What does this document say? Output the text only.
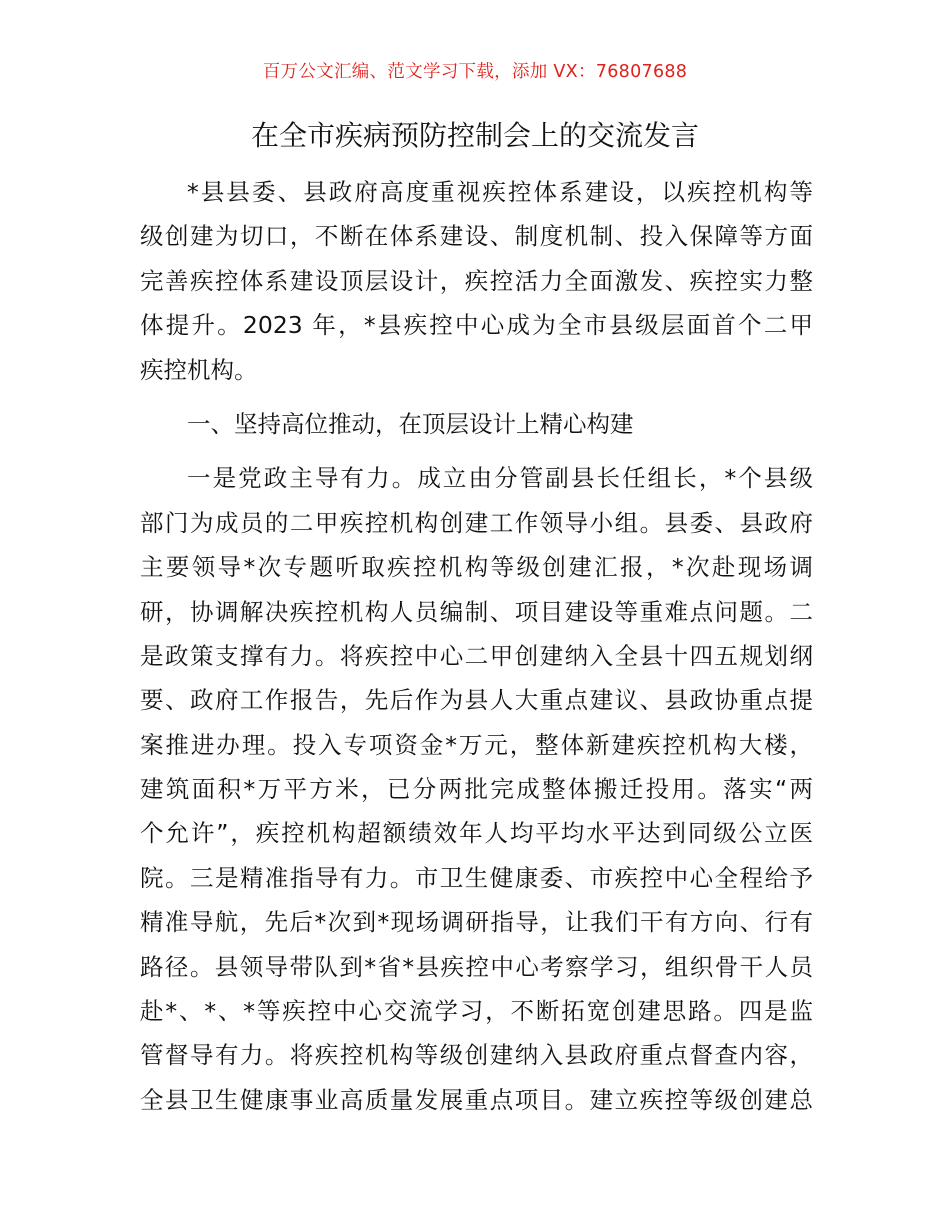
百万公文汇编、范文学习下载，添加 VX：76807688
在全市疾病预防控制会上的交流发言

*县县委、县政府高度重视疾控体系建设，以疾控机构等
级创建为切口，不断在体系建设、制度机制、投入保障等方面
完善疾控体系建设顶层设计，疾控活力全面激发、疾控实力整
体提升。2023 年，*县疾控中心成为全市县级层面首个二甲
疾控机构。

一、坚持高位推动，在顶层设计上精心构建

一是党政主导有力。成立由分管副县长任组长，*个县级
部门为成员的二甲疾控机构创建工作领导小组。县委、县政府
主要领导*次专题听取疾控机构等级创建汇报，*次赴现场调
研，协调解决疾控机构人员编制、项目建设等重难点问题。二
是政策支撑有力。将疾控中心二甲创建纳入全县十四五规划纲
要、政府工作报告，先后作为县人大重点建议、县政协重点提
案推进办理。投入专项资金*万元，整体新建疾控机构大楼，
建筑面积*万平方米，已分两批完成整体搬迁投用。落实“两
个允许”，疾控机构超额绩效年人均平均水平达到同级公立医
院。三是精准指导有力。市卫生健康委、市疾控中心全程给予
精准导航，先后*次到*现场调研指导，让我们干有方向、行有
路径。县领导带队到*省*县疾控中心考察学习，组织骨干人员
赴*、*、*等疾控中心交流学习，不断拓宽创建思路。四是监
管督导有力。将疾控机构等级创建纳入县政府重点督查内容，
全县卫生健康事业高质量发展重点项目。建立疾控等级创建总
